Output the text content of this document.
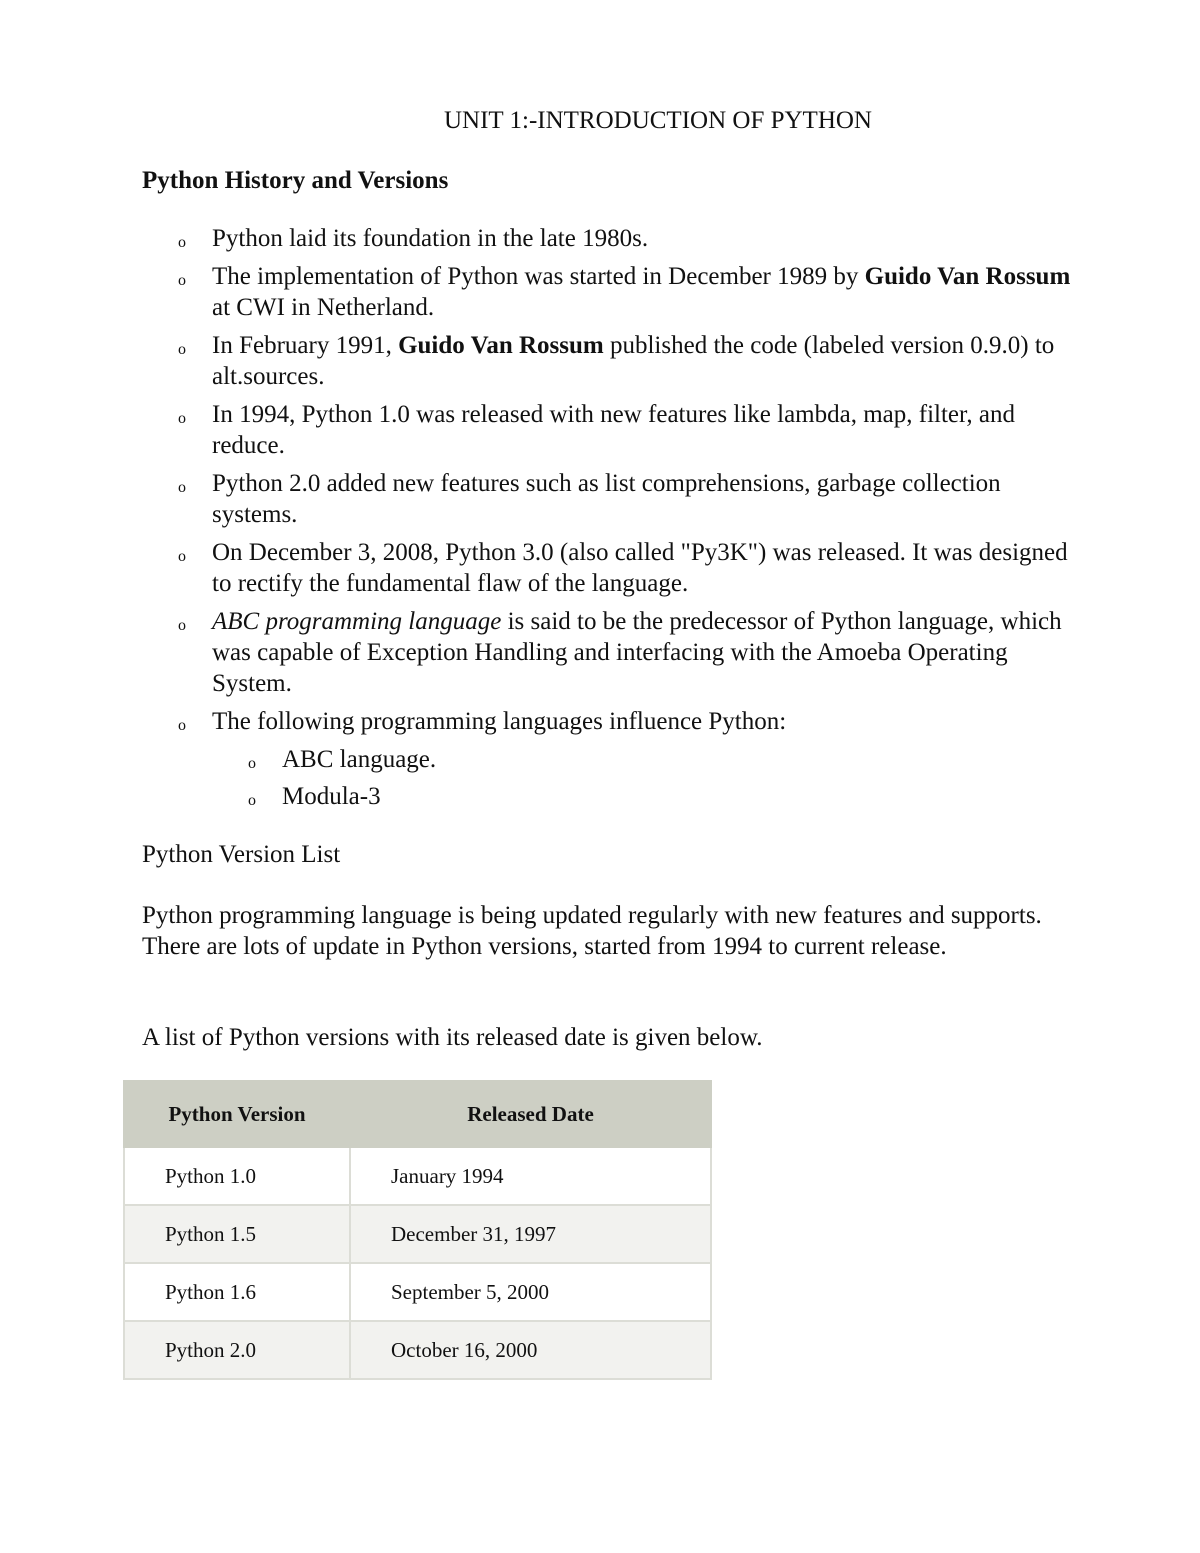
UNIT 1:-INTRODUCTION OF PYTHON
Python History and Versions
o Python laid its foundation in the late 1980s.
o The implementation of Python was started in December 1989 by Guido Van Rossum at CWI in Netherland.
o In February 1991, Guido Van Rossum published the code (labeled version 0.9.0) to alt.sources.
o In 1994, Python 1.0 was released with new features like lambda, map, filter, and reduce.
o Python 2.0 added new features such as list comprehensions, garbage collection systems.
o On December 3, 2008, Python 3.0 (also called "Py3K") was released. It was designed to rectify the fundamental flaw of the language.
o ABC programming language is said to be the predecessor of Python language, which was capable of Exception Handling and interfacing with the Amoeba Operating System.
o The following programming languages influence Python:
o ABC language.
o Modula-3
Python Version List
Python programming language is being updated regularly with new features and supports. There are lots of update in Python versions, started from 1994 to current release.
A list of Python versions with its released date is given below.
Python Version	Released Date
Python 1.0	January 1994
Python 1.5	December 31, 1997
Python 1.6	September 5, 2000
Python 2.0	October 16, 2000
